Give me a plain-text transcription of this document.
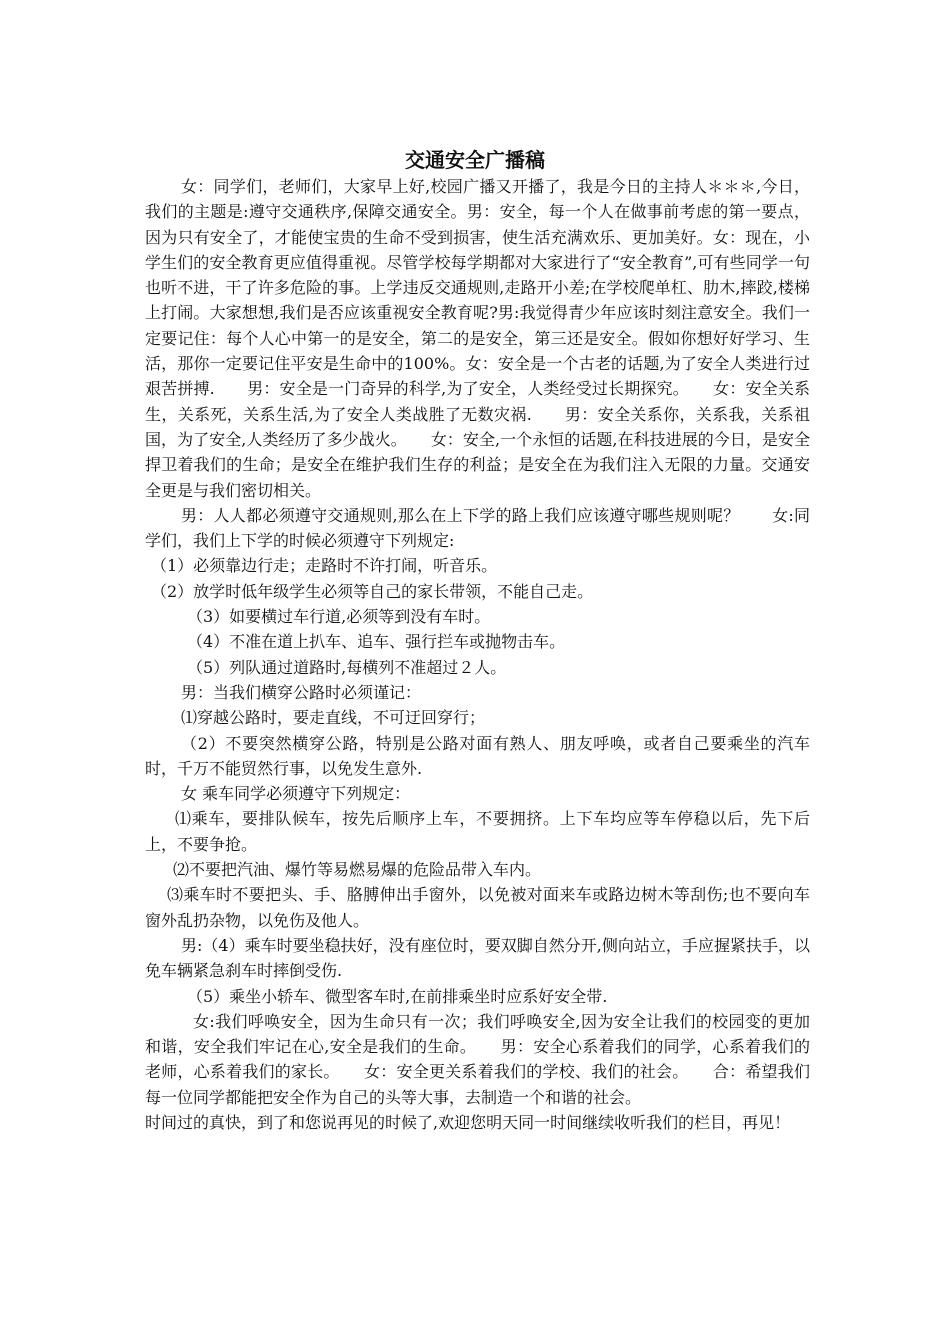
交通安全广播稿

女：同学们，老师们，大家早上好,校园广播又开播了，我是今日的主持人＊＊＊,今日，我们的主题是:遵守交通秩序,保障交通安全。男：安全，每一个人在做事前考虑的第一要点，因为只有安全了，才能使宝贵的生命不受到损害，使生活充满欢乐、更加美好。女：现在，小学生们的安全教育更应值得重视。尽管学校每学期都对大家进行了“安全教育”,可有些同学一句也听不进，干了许多危险的事。上学违反交通规则,走路开小差;在学校爬单杠、肋木,摔跤,楼梯上打闹。大家想想,我们是否应该重视安全教育呢?男:我觉得青少年应该时刻注意安全。我们一定要记住：每个人心中第一的是安全，第二的是安全，第三还是安全。假如你想好好学习、生活，那你一定要记住平安是生命中的100%。女：安全是一个古老的话题,为了安全人类进行过艰苦拼搏.　　男：安全是一门奇异的科学,为了安全，人类经受过长期探究。　　女：安全关系生，关系死，关系生活,为了安全人类战胜了无数灾祸.　　男：安全关系你，关系我，关系祖国，为了安全,人类经历了多少战火。　　女：安全,一个永恒的话题,在科技进展的今日，是安全捍卫着我们的生命；是安全在维护我们生存的利益；是安全在为我们注入无限的力量。交通安全更是与我们密切相关。

男：人人都必须遵守交通规则,那么在上下学的路上我们应该遵守哪些规则呢？　　女:同学们，我们上下学的时候必须遵守下列规定:

（1）必须靠边行走；走路时不许打闹，听音乐。

（2）放学时低年级学生必须等自己的家长带领，不能自己走。

（3）如要横过车行道,必须等到没有车时。

（4）不准在道上扒车、追车、强行拦车或抛物击车。

（5）列队通过道路时,每横列不准超过２人。

男：当我们横穿公路时必须谨记：

⑴穿越公路时，要走直线，不可迂回穿行；

（2）不要突然横穿公路，特别是公路对面有熟人、朋友呼唤，或者自己要乘坐的汽车时，千万不能贸然行事，以免发生意外.

女 乘车同学必须遵守下列规定：

⑴乘车，要排队候车，按先后顺序上车，不要拥挤。上下车均应等车停稳以后，先下后上，不要争抢。

⑵不要把汽油、爆竹等易燃易爆的危险品带入车内。

⑶乘车时不要把头、手、胳膊伸出手窗外，以免被对面来车或路边树木等刮伤;也不要向车窗外乱扔杂物，以免伤及他人。

男:（4）乘车时要坐稳扶好，没有座位时，要双脚自然分开,侧向站立，手应握紧扶手，以免车辆紧急刹车时摔倒受伤.

（5）乘坐小轿车、微型客车时,在前排乘坐时应系好安全带.

女:我们呼唤安全，因为生命只有一次；我们呼唤安全,因为安全让我们的校园变的更加和谐，安全我们牢记在心,安全是我们的生命。　　男：安全心系着我们的同学，心系着我们的老师，心系着我们的家长。　　女：安全更关系着我们的学校、我们的社会。　　合：希望我们每一位同学都能把安全作为自己的头等大事，去制造一个和谐的社会。

时间过的真快，到了和您说再见的时候了,欢迎您明天同一时间继续收听我们的栏目，再见！
